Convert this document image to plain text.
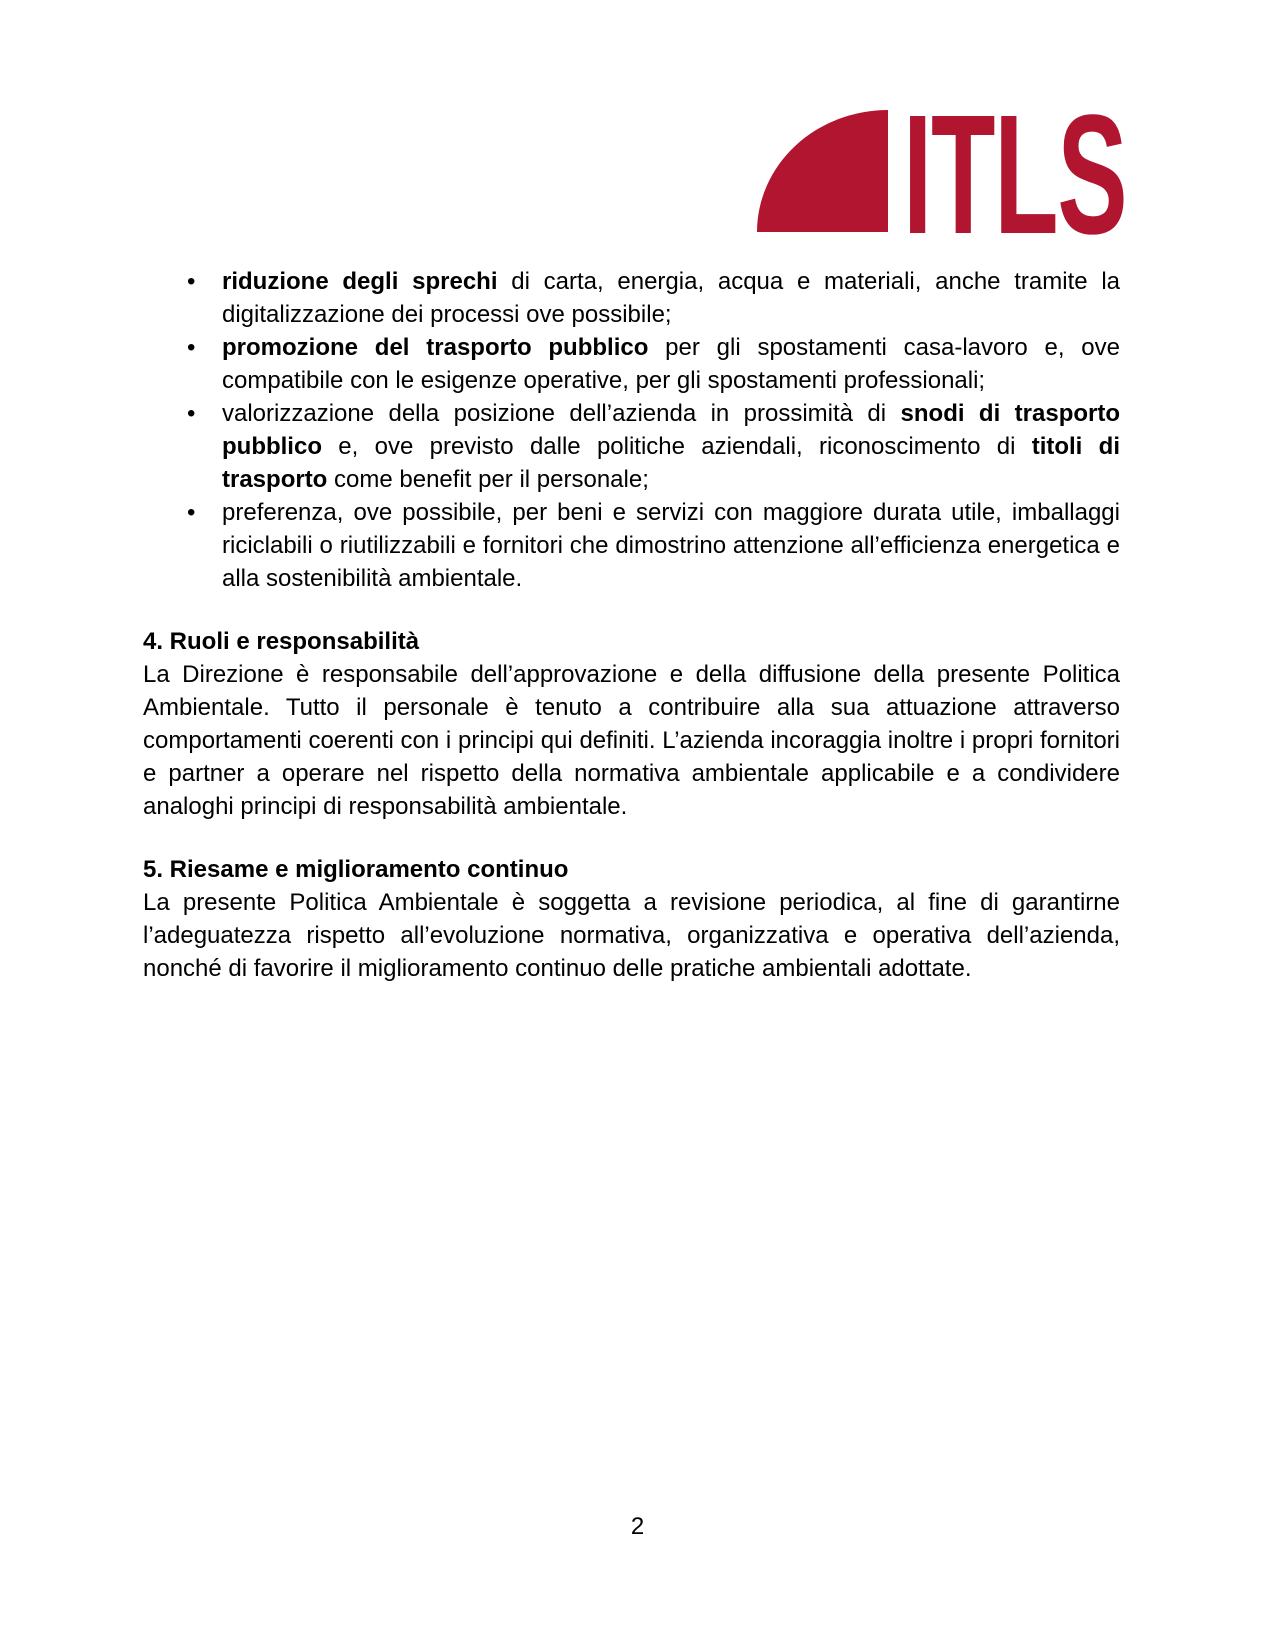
ITLS
• riduzione degli sprechi di carta, energia, acqua e materiali, anche tramite la digitalizzazione dei processi ove possibile;
• promozione del trasporto pubblico per gli spostamenti casa-lavoro e, ove compatibile con le esigenze operative, per gli spostamenti professionali;
• valorizzazione della posizione dell’azienda in prossimità di snodi di trasporto pubblico e, ove previsto dalle politiche aziendali, riconoscimento di titoli di trasporto come benefit per il personale;
• preferenza, ove possibile, per beni e servizi con maggiore durata utile, imballaggi riciclabili o riutilizzabili e fornitori che dimostrino attenzione all’efficienza energetica e alla sostenibilità ambientale.
4. Ruoli e responsabilità

La Direzione è responsabile dell’approvazione e della diffusione della presente Politica Ambientale. Tutto il personale è tenuto a contribuire alla sua attuazione attraverso comportamenti coerenti con i principi qui definiti. L’azienda incoraggia inoltre i propri fornitori e partner a operare nel rispetto della normativa ambientale applicabile e a condividere analoghi principi di responsabilità ambientale.

5. Riesame e miglioramento continuo

La presente Politica Ambientale è soggetta a revisione periodica, al fine di garantirne l’adeguatezza rispetto all’evoluzione normativa, organizzativa e operativa dell’azienda, nonché di favorire il miglioramento continuo delle pratiche ambientali adottate.

2
